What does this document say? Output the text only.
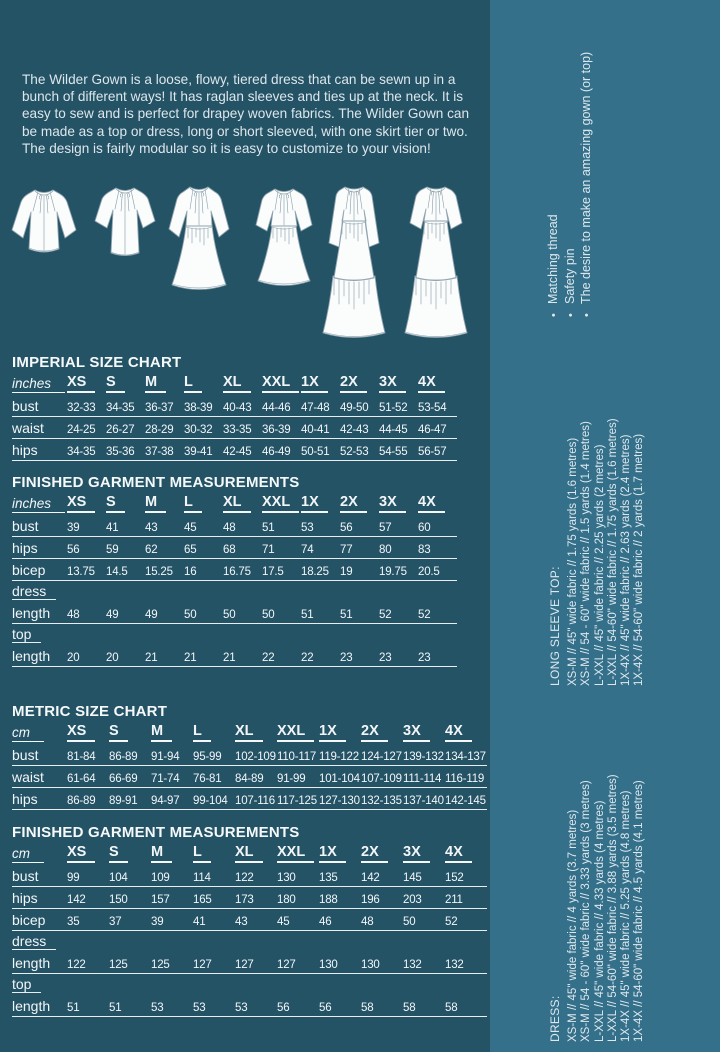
The Wilder Gown is a loose, flowy, tiered dress that can be sewn up in a bunch of different ways! It has raglan sleeves and ties up at the neck. It is easy to sew and is perfect for drapey woven fabrics. The Wilder Gown can be made as a top or dress, long or short sleeved, with one skirt tier or two. The design is fairly modular so it is easy to customize to your vision!

IMPERIAL SIZE CHART
inches	XS	S	M	L	XL	XXL 1X	2X	3X	4X
bust	32-33 34-35 36-37 38-39 40-43 44-46 47-48 49-50 51-52 53-54
waist	24-25 26-27 28-29 30-32 33-35 36-39 40-41 42-43 44-45 46-47
hips	34-35 35-36 37-38 39-41 42-45 46-49 50-51 52-53 54-55 56-57
FINISHED GARMENT MEASUREMENTS
inches	XS	S	M	L	XL	XXL 1X	2X	3X	4X
bust	39	41	43	45	48	51	53	56	57	60
hips	56	59	62	65	68	71	74	77	80	83
bicep	13.75 14.5	15.25 16	16.75 17.5	18.25 19	19.75 20.5
dress
length	48	49	49	50	50	50	51	51	52	52
top
length	20	20	21	21	21	22	22	23	23	23
METRIC SIZE CHART
cm	XS	S	M	L	XL	XXL 1X	2X	3X	4X
bust	81-84	86-89	91-94	95-99	102-109 110-117 119-122 124-127 139-132 134-137
waist	61-64	66-69	71-74	76-81	84-89	91-99	101-104 107-109 111-114 116-119
hips	86-89	89-91	94-97	99-104 107-116 117-125 127-130 132-135 137-140 142-145
FINISHED GARMENT MEASUREMENTS
cm	XS	S	M	L	XL	XXL 1X	2X	3X	4X
bust	99	104	109	114	122	130	135	142	145	152
hips	142	150	157	165	173	180	188	196	203	211
bicep	35	37	39	41	43	45	46	48	50	52
dress
length	122	125	125	127	127	127	130	130	132	132
top
length	51	51	53	53	53	56	56	58	58	58
•Matching thread
•Safety pin
•The desire to make an amazing gown (or top)
LONG SLEEVE TOP: XS-M // 45" wide fabric // 1.75 yards (1.6 metres) XS-M // 54 - 60" wide fabric // 1.5 yards (1.4 metres) L-XXL // 45" wide fabric // 2.25 yards (2 metres) L-XXL // 54-60" wide fabric // 1.75 yards (1.6 metres) 1X-4X // 45" wide fabric // 2.63 yards (2.4 metres) 1X-4X // 54-60" wide fabric // 2 yards (1.7 metres)
DRESS: XS-M // 45" wide fabric // 4 yards (3.7 metres) XS-M // 54 - 60" wide fabric // 3.33 yards (3 metres) L-XXL // 45" wide fabric // 4.33 yards (4 metres) L-XXL // 54-60" wide fabric // 3.88 yards (3.5 metres) 1X-4X // 45" wide fabric // 5.25 yards (4.8 metres) 1X-4X // 54-60" wide fabric // 4.5 yards (4.1 metres)
